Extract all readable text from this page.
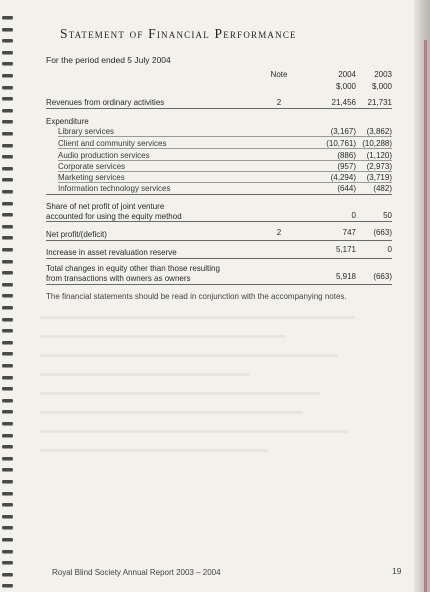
Statement of Financial Performance
For the period ended 5 July 2004
Note	2004	2003
$,000	$,000
Revenues from ordinary activities	2	21,456	21,731
Expenditure
Library services	(3,167)	(3,862)
Client and community services	(10,761) (10,288)
Audio production services	(886)	(1,120)
Corporate services	(957)	(2,973)
Marketing services	(4,294)	(3,719)
Information technology services	(644)	(482)
Share of net profit of joint venture
accounted for using the equity method	0	50
Net profit/(deficit)	2	747	(663)
Increase in asset revaluation reserve	5,171	0
Total changes in equity other than those resulting
from transactions with owners as owners	5,918	(663)
The financial statements should be read in conjunction with the accompanying notes.
Royal Blind Society Annual Report 2003 – 2004	19
